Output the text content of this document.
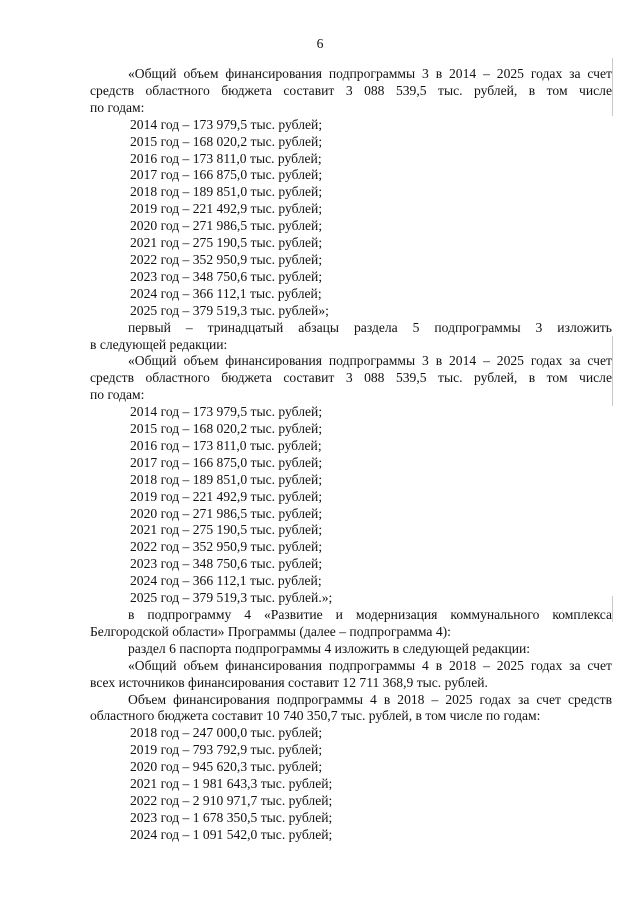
6
«Общий объем финансирования подпрограммы 3 в 2014 – 2025 годах за счет
средств областного бюджета составит 3 088 539,5 тыс. рублей, в том числе
по годам:
2014 год – 173 979,5 тыс. рублей;
2015 год – 168 020,2 тыс. рублей;
2016 год – 173 811,0 тыс. рублей;
2017 год – 166 875,0 тыс. рублей;
2018 год – 189 851,0 тыс. рублей;
2019 год – 221 492,9 тыс. рублей;
2020 год – 271 986,5 тыс. рублей;
2021 год – 275 190,5 тыс. рублей;
2022 год – 352 950,9 тыс. рублей;
2023 год – 348 750,6 тыс. рублей;
2024 год – 366 112,1 тыс. рублей;
2025 год – 379 519,3 тыс. рублей»;
первый – тринадцатый абзацы раздела 5 подпрограммы 3 изложить
в следующей редакции:
«Общий объем финансирования подпрограммы 3 в 2014 – 2025 годах за счет
средств областного бюджета составит 3 088 539,5 тыс. рублей, в том числе
по годам:
2014 год – 173 979,5 тыс. рублей;
2015 год – 168 020,2 тыс. рублей;
2016 год – 173 811,0 тыс. рублей;
2017 год – 166 875,0 тыс. рублей;
2018 год – 189 851,0 тыс. рублей;
2019 год – 221 492,9 тыс. рублей;
2020 год – 271 986,5 тыс. рублей;
2021 год – 275 190,5 тыс. рублей;
2022 год – 352 950,9 тыс. рублей;
2023 год – 348 750,6 тыс. рублей;
2024 год – 366 112,1 тыс. рублей;
2025 год – 379 519,3 тыс. рублей.»;
в подпрограмму 4 «Развитие и модернизация коммунального комплекса
Белгородской области» Программы (далее – подпрограмма 4):
раздел 6 паспорта подпрограммы 4 изложить в следующей редакции:
«Общий объем финансирования подпрограммы 4 в 2018 – 2025 годах за счет
всех источников финансирования составит 12 711 368,9 тыс. рублей.
Объем финансирования подпрограммы 4 в 2018 – 2025 годах за счет средств
областного бюджета составит 10 740 350,7 тыс. рублей, в том числе по годам:
2018 год – 247 000,0 тыс. рублей;
2019 год – 793 792,9 тыс. рублей;
2020 год – 945 620,3 тыс. рублей;
2021 год – 1 981 643,3 тыс. рублей;
2022 год – 2 910 971,7 тыс. рублей;
2023 год – 1 678 350,5 тыс. рублей;
2024 год – 1 091 542,0 тыс. рублей;
